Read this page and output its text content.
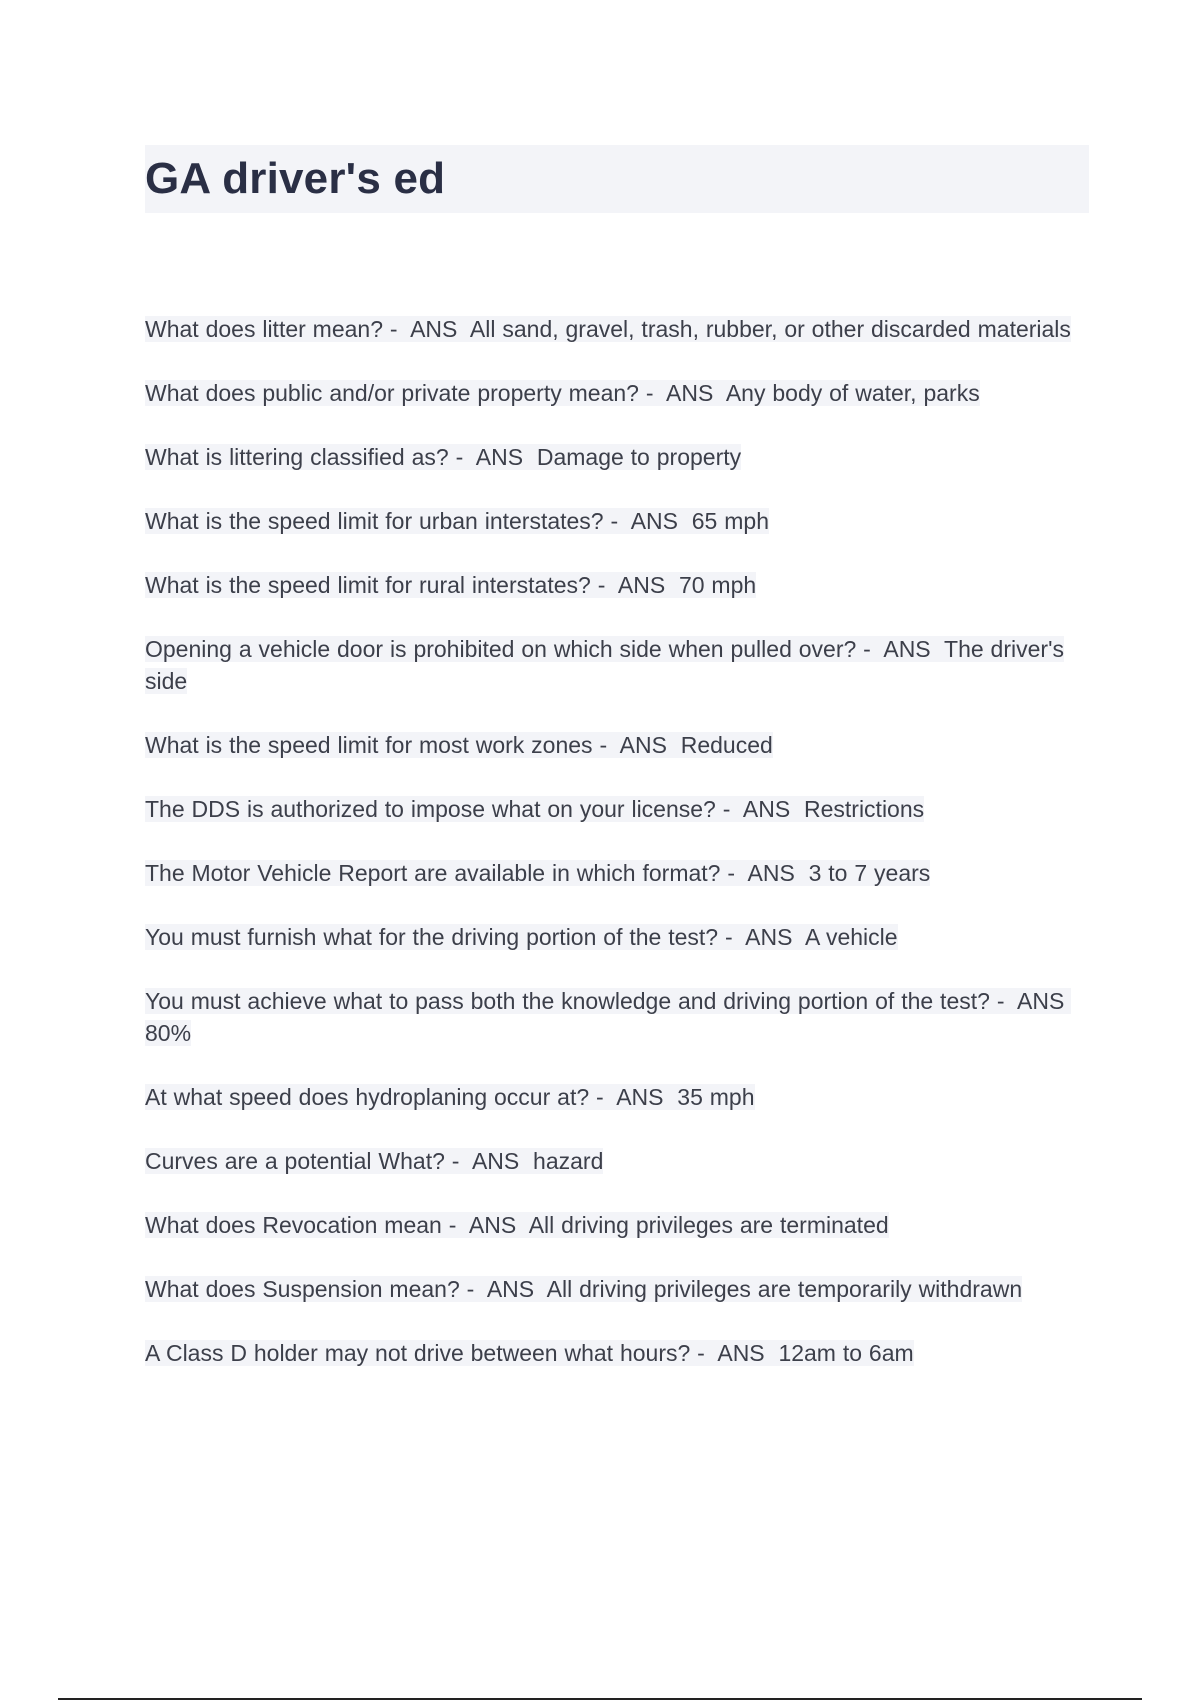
GA driver's ed

What does litter mean? - ANS All sand, gravel, trash, rubber, or other discarded materials

What does public and/or private property mean? - ANS Any body of water, parks

What is littering classified as? - ANS Damage to property

What is the speed limit for urban interstates? - ANS 65 mph

What is the speed limit for rural interstates? - ANS 70 mph

Opening a vehicle door is prohibited on which side when pulled over? - ANS The driver's side

What is the speed limit for most work zones - ANS Reduced

The DDS is authorized to impose what on your license? - ANS Restrictions

The Motor Vehicle Report are available in which format? - ANS 3 to 7 years

You must furnish what for the driving portion of the test? - ANS A vehicle

You must achieve what to pass both the knowledge and driving portion of the test? - ANS  80%

At what speed does hydroplaning occur at? - ANS 35 mph

Curves are a potential What? - ANS hazard

What does Revocation mean - ANS All driving privileges are terminated

What does Suspension mean? - ANS All driving privileges are temporarily withdrawn

A Class D holder may not drive between what hours? - ANS 12am to 6am
